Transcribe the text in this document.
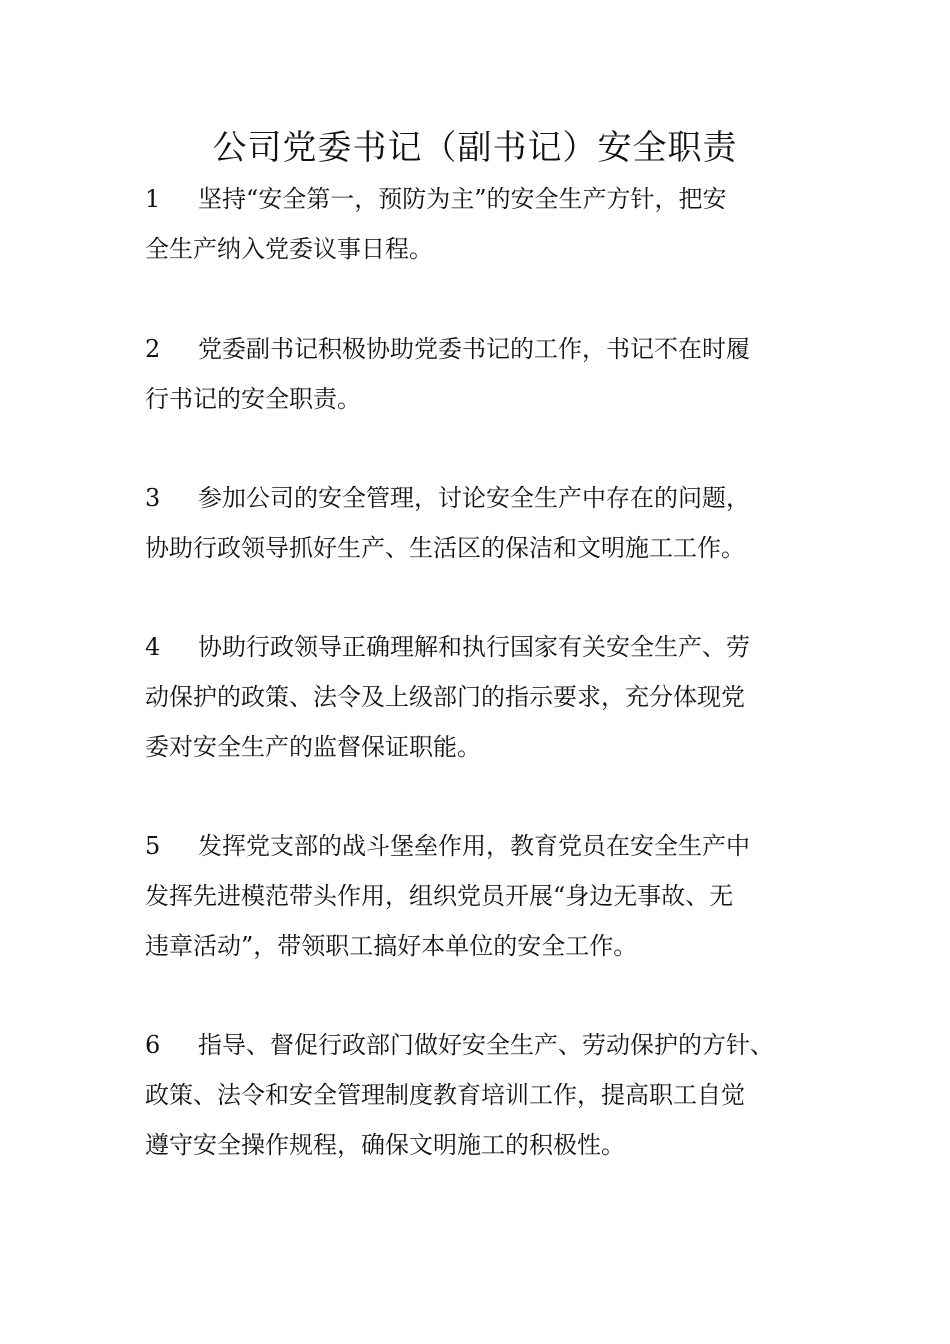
公司党委书记（副书记）安全职责
1 坚持“安全第一，预防为主”的安全生产方针，把安
全生产纳入党委议事日程。
2 党委副书记积极协助党委书记的工作，书记不在时履
行书记的安全职责。
3 参加公司的安全管理，讨论安全生产中存在的问题，
协助行政领导抓好生产、生活区的保洁和文明施工工作。
4 协助行政领导正确理解和执行国家有关安全生产、劳
动保护的政策、法令及上级部门的指示要求，充分体现党
委对安全生产的监督保证职能。
5 发挥党支部的战斗堡垒作用，教育党员在安全生产中
发挥先进模范带头作用，组织党员开展“身边无事故、无
违章活动”，带领职工搞好本单位的安全工作。
6 指导、督促行政部门做好安全生产、劳动保护的方针、
政策、法令和安全管理制度教育培训工作，提高职工自觉
遵守安全操作规程，确保文明施工的积极性。
